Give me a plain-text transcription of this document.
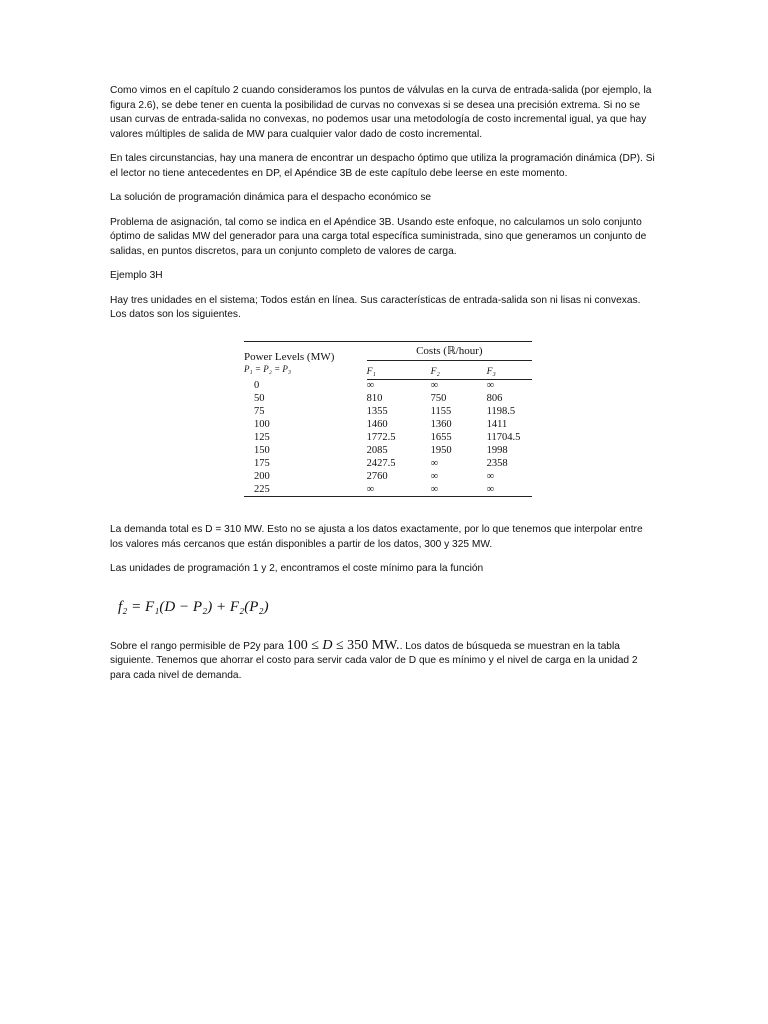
Como vimos en el capítulo 2 cuando consideramos los puntos de válvulas en la curva de entrada-salida (por ejemplo, la figura 2.6), se debe tener en cuenta la posibilidad de curvas no convexas si se desea una precisión extrema. Si no se usan curvas de entrada-salida no convexas, no podemos usar una metodología de costo incremental igual, ya que hay valores múltiples de salida de MW para cualquier valor dado de costo incremental.

En tales circunstancias, hay una manera de encontrar un despacho óptimo que utiliza la programación dinámica (DP). Si el lector no tiene antecedentes en DP, el Apéndice 3B de este capítulo debe leerse en este momento.

La solución de programación dinámica para el despacho económico se

Problema de asignación, tal como se indica en el Apéndice 3B. Usando este enfoque, no calculamos un solo conjunto óptimo de salidas MW del generador para una carga total específica suministrada, sino que generamos un conjunto de salidas, en puntos discretos, para un conjunto completo de valores de carga.

Ejemplo 3H

Hay tres unidades en el sistema; Todos están en línea. Sus características de entrada-salida son ni lisas ni convexas. Los datos son los siguientes.

Power Levels (MW)
P₁ = P₂ = P₃	Costs (ℝ/hour)		
	F₁	F₂	F₃
0	∞	∞	∞
50	810	750	806
75	1355	1155	1198.5
100	1460	1360	1411
125	1772.5	1655	11704.5
150	2085	1950	1998
175	2427.5	∞	2358
200	2760	∞	∞
225	∞	∞	∞

La demanda total es D = 310 MW. Esto no se ajusta a los datos exactamente, por lo que tenemos que interpolar entre los valores más cercanos que están disponibles a partir de los datos, 300 y 325 MW.

Las unidades de programación 1 y 2, encontramos el coste mínimo para la función

f₂ = F₁(D − P₂) + F₂(P₂)

Sobre el rango permisible de P2y para 100 ≤ D ≤ 350 MW.. Los datos de búsqueda se muestran en la tabla siguiente. Tenemos que ahorrar el costo para servir cada valor de D que es mínimo y el nivel de carga en la unidad 2 para cada nivel de demanda.
